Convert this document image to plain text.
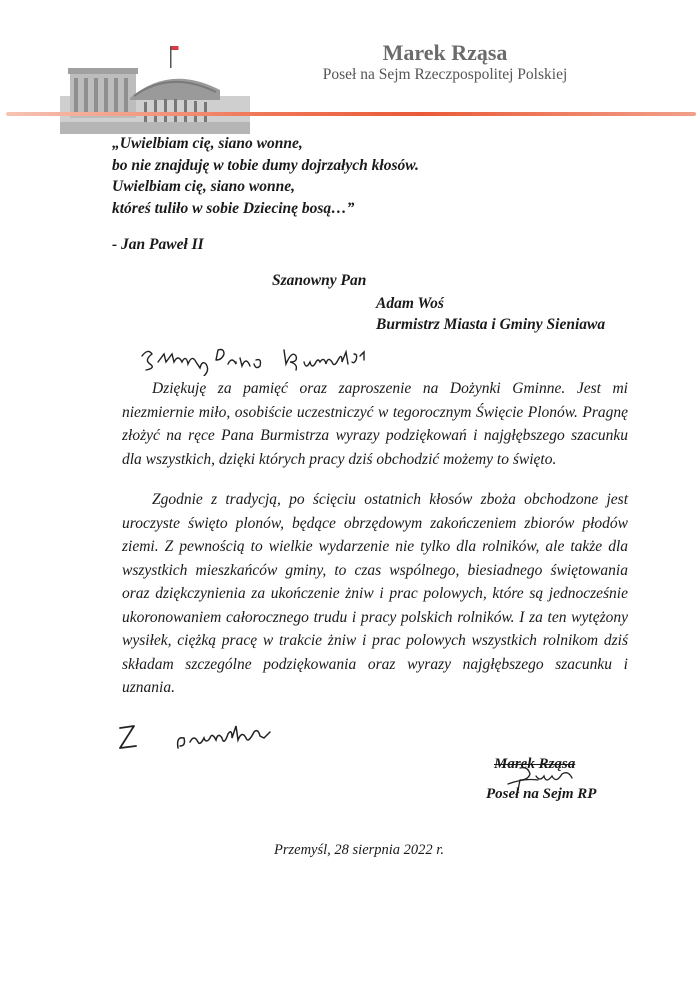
Marek Rząsa
Poseł na Sejm Rzeczpospolitej Polskiej
„Uwielbiam cię, siano wonne,
bo nie znajduję w tobie dumy dojrzałych kłosów.
Uwielbiam cię, siano wonne,
któreś tuliło w sobie Dziecinę bosą…”
- Jan Paweł II
Szanowny Pan
Adam Woś
Burmistrz Miasta i Gminy Sieniawa

Dziękuję za pamięć oraz zaproszenie na Dożynki Gminne. Jest mi niezmiernie miło, osobiście uczestniczyć w tegorocznym Święcie Plonów. Pragnę złożyć na ręce Pana Burmistrza wyrazy podziękowań i najgłębszego szacunku dla wszystkich, dzięki których pracy dziś obchodzić możemy to święto.

Zgodnie z tradycją, po ścięciu ostatnich kłosów zboża obchodzone jest uroczyste święto plonów, będące obrzędowym zakończeniem zbiorów płodów ziemi. Z pewnością to wielkie wydarzenie nie tylko dla rolników, ale także dla wszystkich mieszkańców gminy, to czas wspólnego, biesiadnego świętowania oraz dziękczynienia za ukończenie żniw i prac polowych, które są jednocześnie ukoronowaniem całorocznego trudu i pracy polskich rolników. I za ten wytężony wysiłek, ciężką pracę w trakcie żniw i prac polowych wszystkich rolnikom dziś składam szczególne podziękowania oraz wyrazy najgłębszego szacunku i uznania.

Marek Rząsa
Poseł na Sejm RP
Przemyśl, 28 sierpnia 2022 r.
